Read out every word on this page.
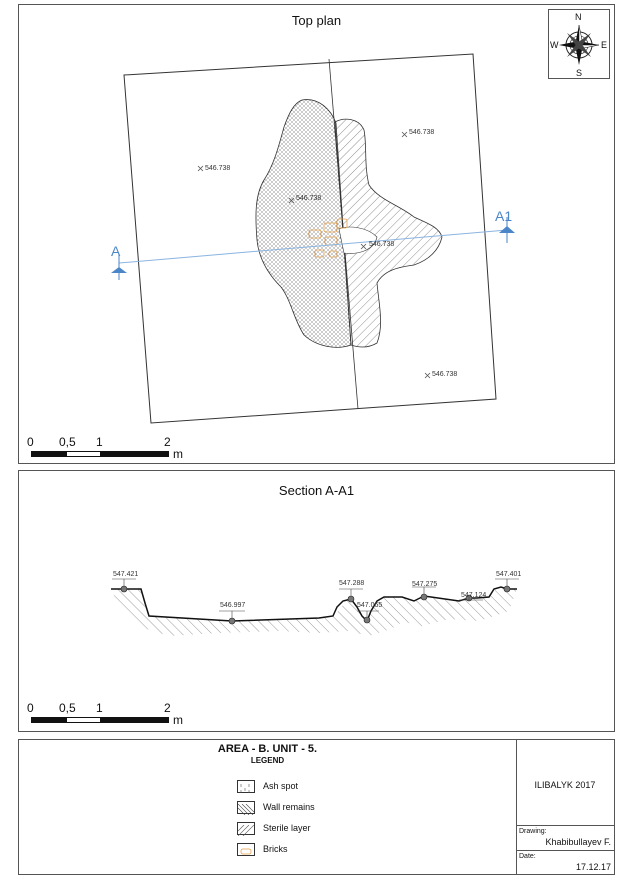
Top plan	N
S
E
W
546.738
546.738
546.738
546.738
546.738
A
A1
0 0,5 1	2
m
Section A-A1
547.421
546.997
547.288
547.065
547.275
547.124
547.401
0 0,5 1	2
m
AREA - B. UNIT - 5.
LEGEND
Ash spot
Wall remains
Sterile layer
Bricks
ILIBALYK 2017
Drawing:
Khabibullayev F.
Date:
17.12.17
